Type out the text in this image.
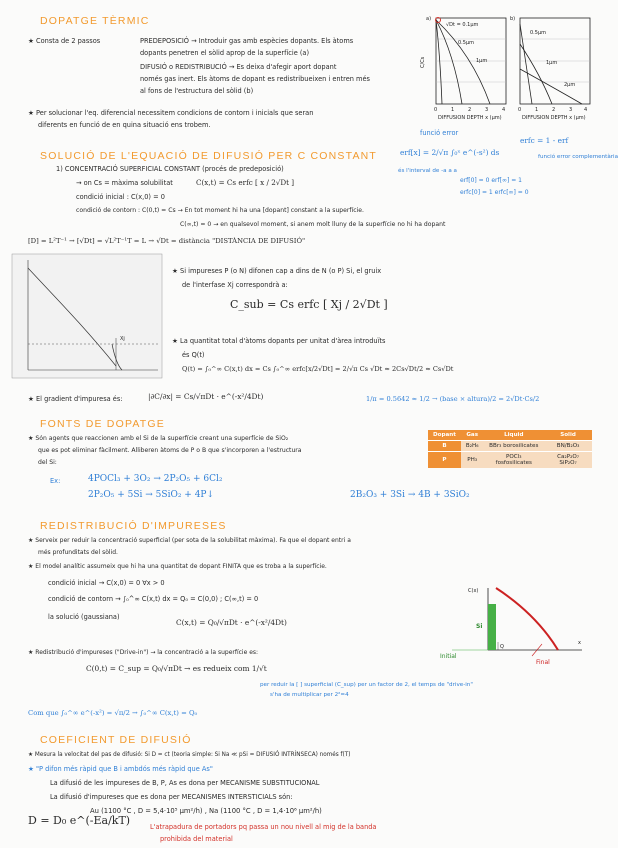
DOPATGE TÈRMIC
★ Consta de 2 passos	PREDEPOSICIÓ → Introduir gas amb espècies dopants. Els àtoms
dopants penetren el sòlid aprop de la superfície (a)
DIFUSIÓ o REDISTRIBUCIÓ → Es deixa d'afegir aport dopant
només gas inert. Els àtoms de dopant es redistribueixen i entren més
al fons de l'estructura del sòlid (b)
★ Per solucionar l'eq. diferencial necessitem condicions de contorn i inicials que seran
diferents en funció de en quina situació ens trobem.
a)
C/Cs
√Dt = 0.1μm
0.5μm
1μm
0	1	2	3	4
DIFFUSION DEPTH x (μm)
b)
0.5μm
1μm
2μm
0	1	2	3 4
DIFFUSION DEPTH x (μm)
SOLUCIÓ DE L'EQUACIÓ DE DIFUSIÓ PER C CONSTANT
1) CONCENTRACIÓ SUPERFICIAL CONSTANT (procés de predeposició)
→ on Cs = màxima solubilitat	C(x,t) = Cs erfc [ x / 2√Dt ]
condició inicial : C(x,0) = 0
condició de contorn : C(0,t) = Cs → En tot moment hi ha una [dopant] constant a la superfície.
C(∞,t) = 0 → en qualsevol moment, si anem molt lluny de la superfície no hi ha dopant
[D] = L²T⁻¹ → [√Dt] = √L²T⁻¹T = L → √Dt = distància "DISTÀNCIA DE DIFUSIÓ"
funció error
erf[x] = 2/√π ∫₀ˣ e^(-s²) ds
és l'interval de -a a a
erfc = 1 - erf
funció error complementària
erf[0] = 0 erf[∞] = 1
erfc[0] = 1 erfc[∞] = 0
Xj
★ Si impureses P (o N) difonen cap a dins de N (o P) Si, el gruix
de l'interfase Xj correspondrà a:
C_sub = Cs erfc [ Xj / 2√Dt ]
★ La quantitat total d'àtoms dopants per unitat d'àrea introduïts
és Q(t)
Q(t) = ∫₀^∞ C(x,t) dx = Cs ∫₀^∞ erfc[x/2√Dt] = 2/√π Cs √Dt ≈ 2Cs√Dt/2 ≈ Cs√Dt
★ El gradient d'impuresa és:	|∂C/∂x| = Cs/√πDt · e^(-x²/4Dt)	1/π = 0.5642 ≈ 1/2 → (base × altura)/2 = 2√Dt·Cs/2
FONTS DE DOPATGE
★ Són agents que reaccionen amb el Si de la superfície creant una superfície de SiO₂
que es pot eliminar fàcilment. Alliberen àtoms de P o B que s'incorporen a l'estructura
del Si:
Ex:	4POCl₃ + 3O₂ → 2P₂O₅ + 6Cl₂
2P₂O₅ + 5Si → 5SiO₂ + 4P↓	2B₂O₃ + 3Si → 4B + 3SiO₂
Dopant	Gas	Liquid	Solid
B	B₂H₆	BBr₃ borosilicates	BN/B₂O₃
P	PH₃	POCl₃ fosfosilicates	Ca₂P₂O₇ SiP₂O₇
REDISTRIBUCIÓ D'IMPURESES
★ Serveix per reduir la concentració superficial (per sota de la solubilitat màxima). Fa que el dopant entri a
més profunditats del sòlid.
★ El model analític assumeix que hi ha una quantitat de dopant FINITA que es troba a la superfície.
condició inicial → C(x,0) = 0 ∀x > 0
condició de contorn → ∫₀^∞ C(x,t) dx = Q₀ = C(0,0) ; C(∞,t) = 0
la solució (gaussiana)
C(x,t) = Q₀/√πDt · e^(-x²/4Dt)
★ Redistribució d'impureses ("Drive-in") → la concentració a la superfície es:
C(0,t) = C_sup = Q₀/√πDt → es redueix com 1/√t
per reduir la [ ] superficial (C_sup) per un factor de 2, el temps de "drive-in"
s'ha de multiplicar per 2²=4
Com que ∫₀^∞ e^(-x²) = √π/2 → ∫₀^∞ C(x,t) = Q₀
C(x)
x
Si
Q
Initial
Final
COEFICIENT DE DIFUSIÓ
★ Mesura la velocitat del pas de difusió: Si D = ct (teoria simple: Si Na ≪ pSi = DIFUSIÓ INTRÍNSECA) només f(T)
★ "P difon més ràpid que B i ambdós més ràpid que As"
La difusió de les impureses de B, P, As es dona per MECANISME SUBSTITUCIONAL
La difusió d'impureses que es dona per MECANISMES INTERSTICIALS són:
Au (1100 °C , D = 5,4·10⁵ μm²/h) , Na (1100 °C , D = 1,4·10⁶ μm²/h)
D = D₀ e^(-Ea/kT)	L'atrapadura de portadors pq passa un nou nivell al mig de la banda
prohibida del material
